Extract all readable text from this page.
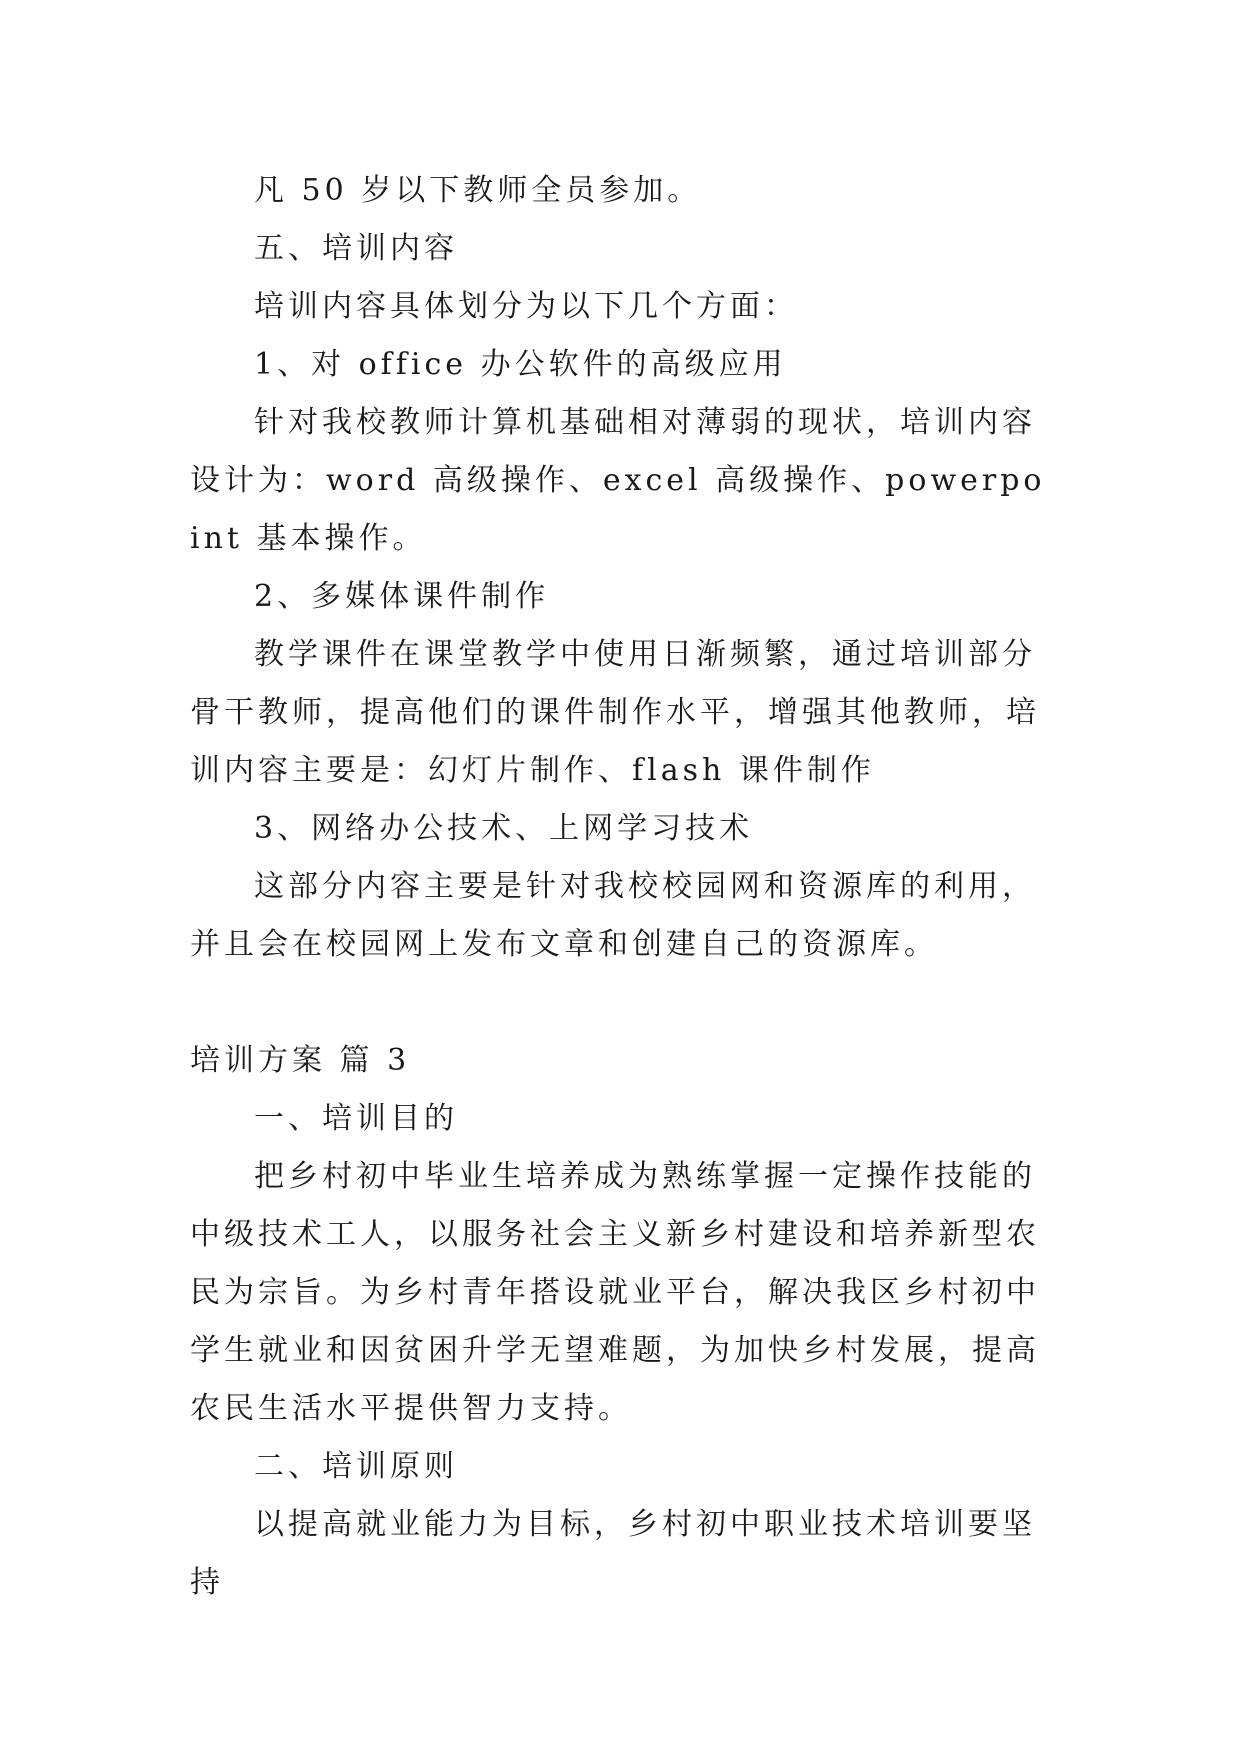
凡 50 岁以下教师全员参加。

五、培训内容

培训内容具体划分为以下几个方面：

1、对 office 办公软件的高级应用

针对我校教师计算机基础相对薄弱的现状，培训内容设计为：word 高级操作、excel 高级操作、powerpoint 基本操作。

2、多媒体课件制作

教学课件在课堂教学中使用日渐频繁，通过培训部分骨干教师，提高他们的课件制作水平，增强其他教师，培训内容主要是：幻灯片制作、flash 课件制作

3、网络办公技术、上网学习技术

这部分内容主要是针对我校校园网和资源库的利用，并且会在校园网上发布文章和创建自己的资源库。

培训方案 篇 3

一、培训目的

把乡村初中毕业生培养成为熟练掌握一定操作技能的中级技术工人，以服务社会主义新乡村建设和培养新型农民为宗旨。为乡村青年搭设就业平台，解决我区乡村初中学生就业和因贫困升学无望难题，为加快乡村发展，提高农民生活水平提供智力支持。

二、培训原则

以提高就业能力为目标，乡村初中职业技术培训要坚持
